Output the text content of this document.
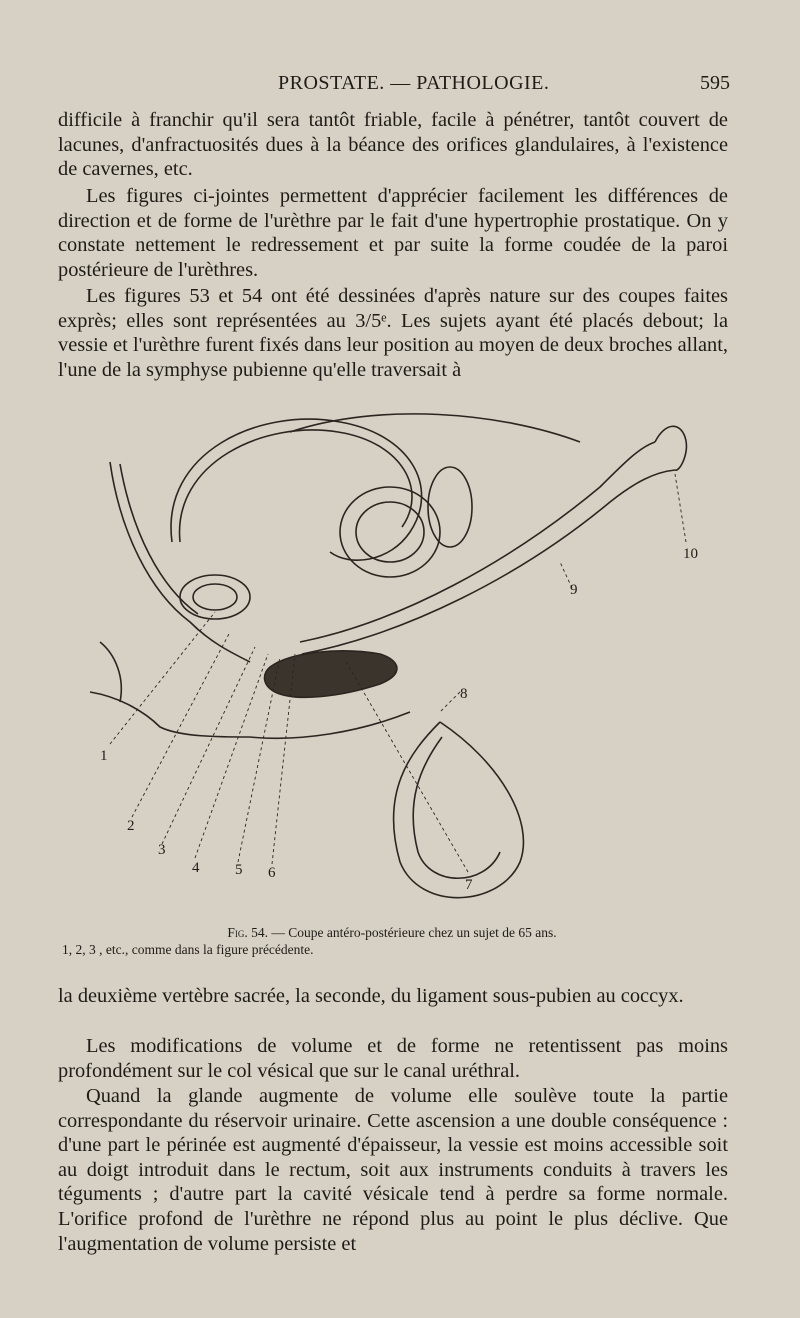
PROSTATE. — PATHOLOGIE.	595

difficile à franchir qu'il sera tantôt friable, facile à pénétrer, tantôt couvert de lacunes, d'anfractuosités dues à la béance des orifices glandulaires, à l'existence de cavernes, etc.

Les figures ci-jointes permettent d'apprécier facilement les différences de direction et de forme de l'urèthre par le fait d'une hypertrophie prostatique. On y constate nettement le redressement et par suite la forme coudée de la paroi postérieure de l'urèthres.

Les figures 53 et 54 ont été dessinées d'après nature sur des coupes faites exprès; elles sont représentées au 3/5ᵉ. Les sujets ayant été placés debout; la vessie et l'urèthre furent fixés dans leur position au moyen de deux broches allant, l'une de la symphyse pubienne qu'elle traversait à

1
2
3
4 5 6
7
8
9
10
Fig. 54. — Coupe antéro-postérieure chez un sujet de 65 ans.
1, 2, 3 , etc., comme dans la figure précédente.

la deuxième vertèbre sacrée, la seconde, du ligament sous-pubien au coccyx.

Les modifications de volume et de forme ne retentissent pas moins profondément sur le col vésical que sur le canal uréthral.

Quand la glande augmente de volume elle soulève toute la partie correspondante du réservoir urinaire. Cette ascension a une double conséquence : d'une part le périnée est augmenté d'épaisseur, la vessie est moins accessible soit au doigt introduit dans le rectum, soit aux instruments conduits à travers les téguments ; d'autre part la cavité vésicale tend à perdre sa forme normale. L'orifice profond de l'urèthre ne répond plus au point le plus déclive. Que l'augmentation de volume persiste et
